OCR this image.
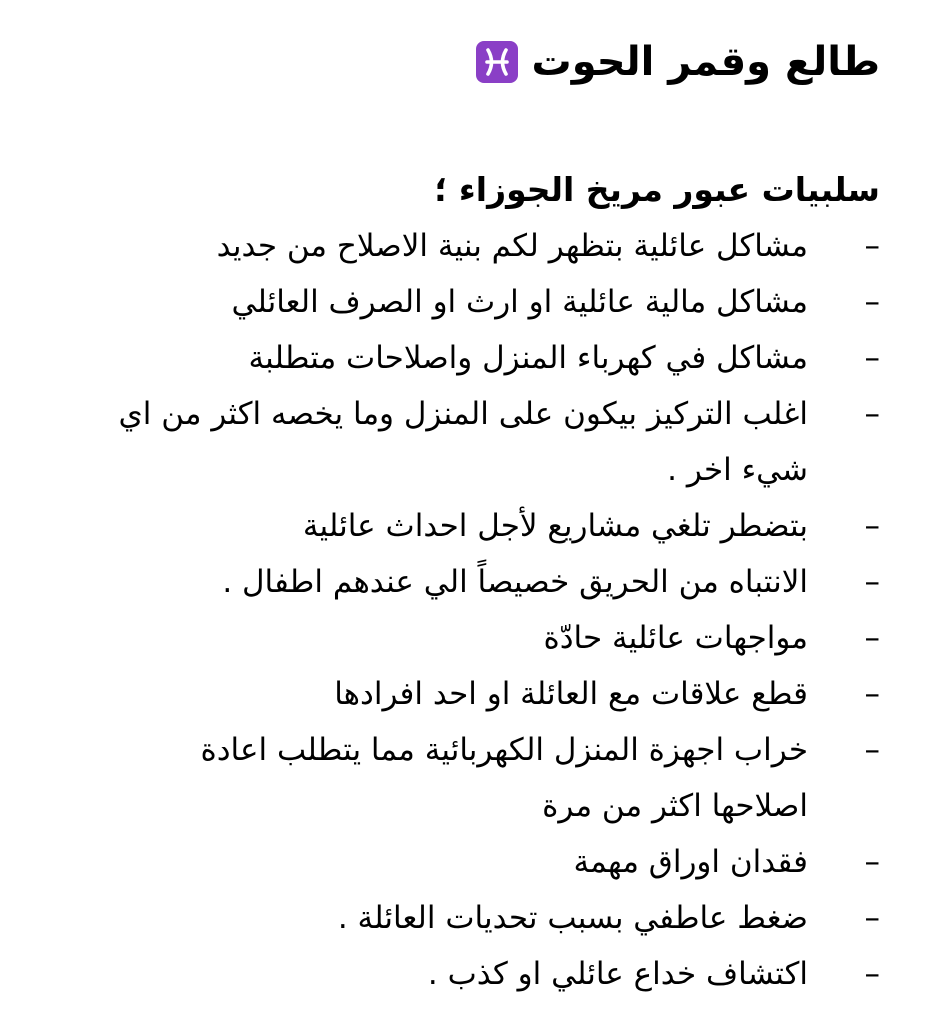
طالع وقمر الحوت
سلبيات عبور مريخ الجوزاء ؛
–
مشاكل عائلية بتظهر لكم بنية الاصلاح من جديد
–
مشاكل مالية عائلية او ارث او الصرف العائلي
–
مشاكل في كهرباء المنزل واصلاحات متطلبة
–
اغلب التركيز بيكون على المنزل وما يخصه اكثر من اي شيء اخر .
–
بتضطر تلغي مشاريع لأجل احداث عائلية
–
الانتباه من الحريق خصيصاً الي عندهم اطفال .
–
مواجهات عائلية حادّة
–
قطع علاقات مع العائلة او احد افرادها
–
خراب اجهزة المنزل الكهربائية مما يتطلب اعادة اصلاحها اكثر من مرة
–
فقدان اوراق مهمة
–
ضغط عاطفي بسبب تحديات العائلة .
–
اكتشاف خداع عائلي او كذب .
